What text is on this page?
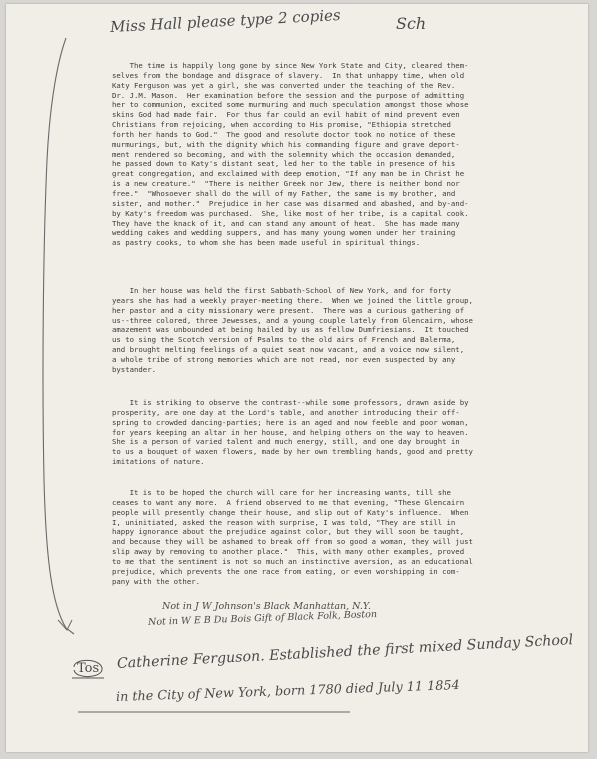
Miss Hall please type 2 copies	Sch
The time is happily long gone by since New York State and City, cleared them-
selves from the bondage and disgrace of slavery.  In that unhappy time, when old
Katy Ferguson was yet a girl, she was converted under the teaching of the Rev.
Dr. J.M. Mason.  Her examination before the session and the purpose of admitting
her to communion, excited some murmuring and much speculation amongst those whose
skins God had made fair.  For thus far could an evil habit of mind prevent even
Christians from rejoicing, when according to His promise, "Ethiopia stretched
forth her hands to God."  The good and resolute doctor took no notice of these
murmurings, but, with the dignity which his commanding figure and grave deport-
ment rendered so becoming, and with the solemnity which the occasion demanded,
he passed down to Katy's distant seat, led her to the table in presence of his
great congregation, and exclaimed with deep emotion, "If any man be in Christ he
is a new creature."  "There is neither Greek nor Jew, there is neither bond nor
free."  "Whosoever shall do the will of my Father, the same is my brother, and
sister, and mother."  Prejudice in her case was disarmed and abashed, and by-and-
by Katy's freedom was purchased.  She, like most of her tribe, is a capital cook.
They have the knack of it, and can stand any amount of heat.  She has made many
wedding cakes and wedding suppers, and has many young women under her training
as pastry cooks, to whom she has been made useful in spiritual things.
In her house was held the first Sabbath-School of New York, and for forty
years she has had a weekly prayer-meeting there.  When we joined the little group,
her pastor and a city missionary were present.  There was a curious gathering of
us--three colored, three Jewesses, and a young couple lately from Glencairn, whose
amazement was unbounded at being hailed by us as fellow Dumfriesians.  It touched
us to sing the Scotch version of Psalms to the old airs of French and Balerma,
and brought melting feelings of a quiet seat now vacant, and a voice now silent,
a whole tribe of strong memories which are not read, nor even suspected by any
bystander.
It is striking to observe the contrast--while some professors, drawn aside by
prosperity, are one day at the Lord's table, and another introducing their off-
spring to crowded dancing-parties; here is an aged and now feeble and poor woman,
for years keeping an altar in her house, and helping others on the way to heaven.
She is a person of varied talent and much energy, still, and one day brought in
to us a bouquet of waxen flowers, made by her own trembling hands, good and pretty
imitations of nature.
It is to be hoped the church will care for her increasing wants, till she
ceases to want any more.  A friend observed to me that evening, "These Glencairn
people will presently change their house, and slip out of Katy's influence.  When
I, uninitiated, asked the reason with surprise, I was told, "They are still in
happy ignorance about the prejudice against color, but they will soon be taught,
and because they will be ashamed to break off from so good a woman, they will just
slip away by removing to another place."  This, with many other examples, proved
to me that the sentiment is not so much an instinctive aversion, as an educational
prejudice, which prevents the one race from eating, or even worshipping in com-
pany with the other.
Not in J W Johnson's Black Manhattan, N.Y.
Not in W E B Du Bois Gift of Black Folk, Boston
Tos Catherine Ferguson. Established the first mixed Sunday School
in the City of New York, born 1780 died July 11 1854
